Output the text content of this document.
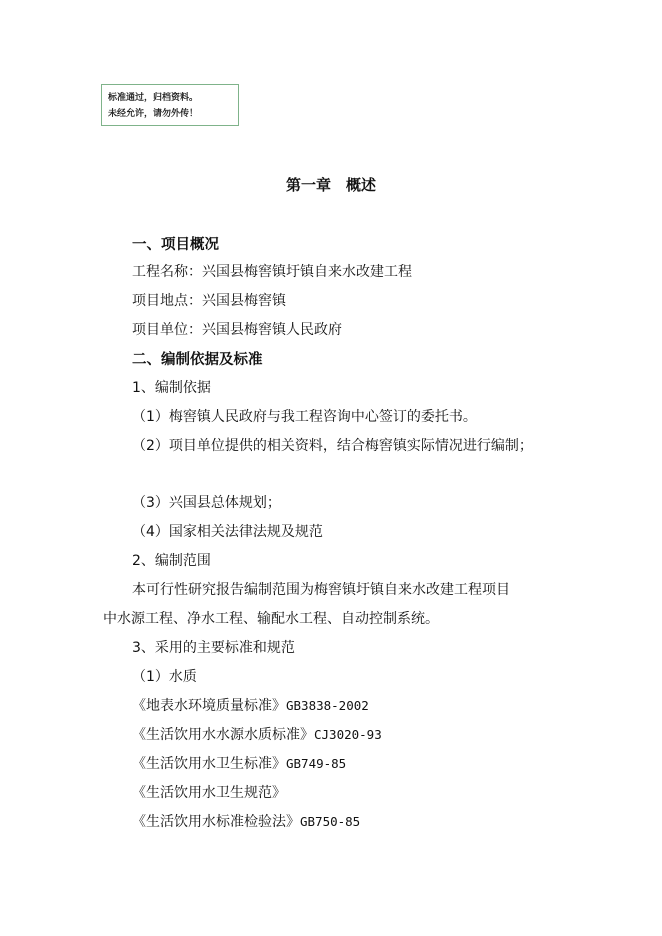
标准通过，归档资料。
未经允许，请勿外传！
第一章　概述
一、项目概况
工程名称：兴国县梅窖镇圩镇自来水改建工程
项目地点：兴国县梅窖镇
项目单位：兴国县梅窖镇人民政府
二、编制依据及标准
1、编制依据
（1）梅窖镇人民政府与我工程咨询中心签订的委托书。
（2）项目单位提供的相关资料，结合梅窖镇实际情况进行编制；
（3）兴国县总体规划；
（4）国家相关法律法规及规范
2、编制范围
本可行性研究报告编制范围为梅窖镇圩镇自来水改建工程项目
中水源工程、净水工程、输配水工程、自动控制系统。
3、采用的主要标准和规范
（1）水质
《地表水环境质量标准》GB3838-2002
《生活饮用水水源水质标准》CJ3020-93
《生活饮用水卫生标准》GB749-85
《生活饮用水卫生规范》
《生活饮用水标准检验法》GB750-85
